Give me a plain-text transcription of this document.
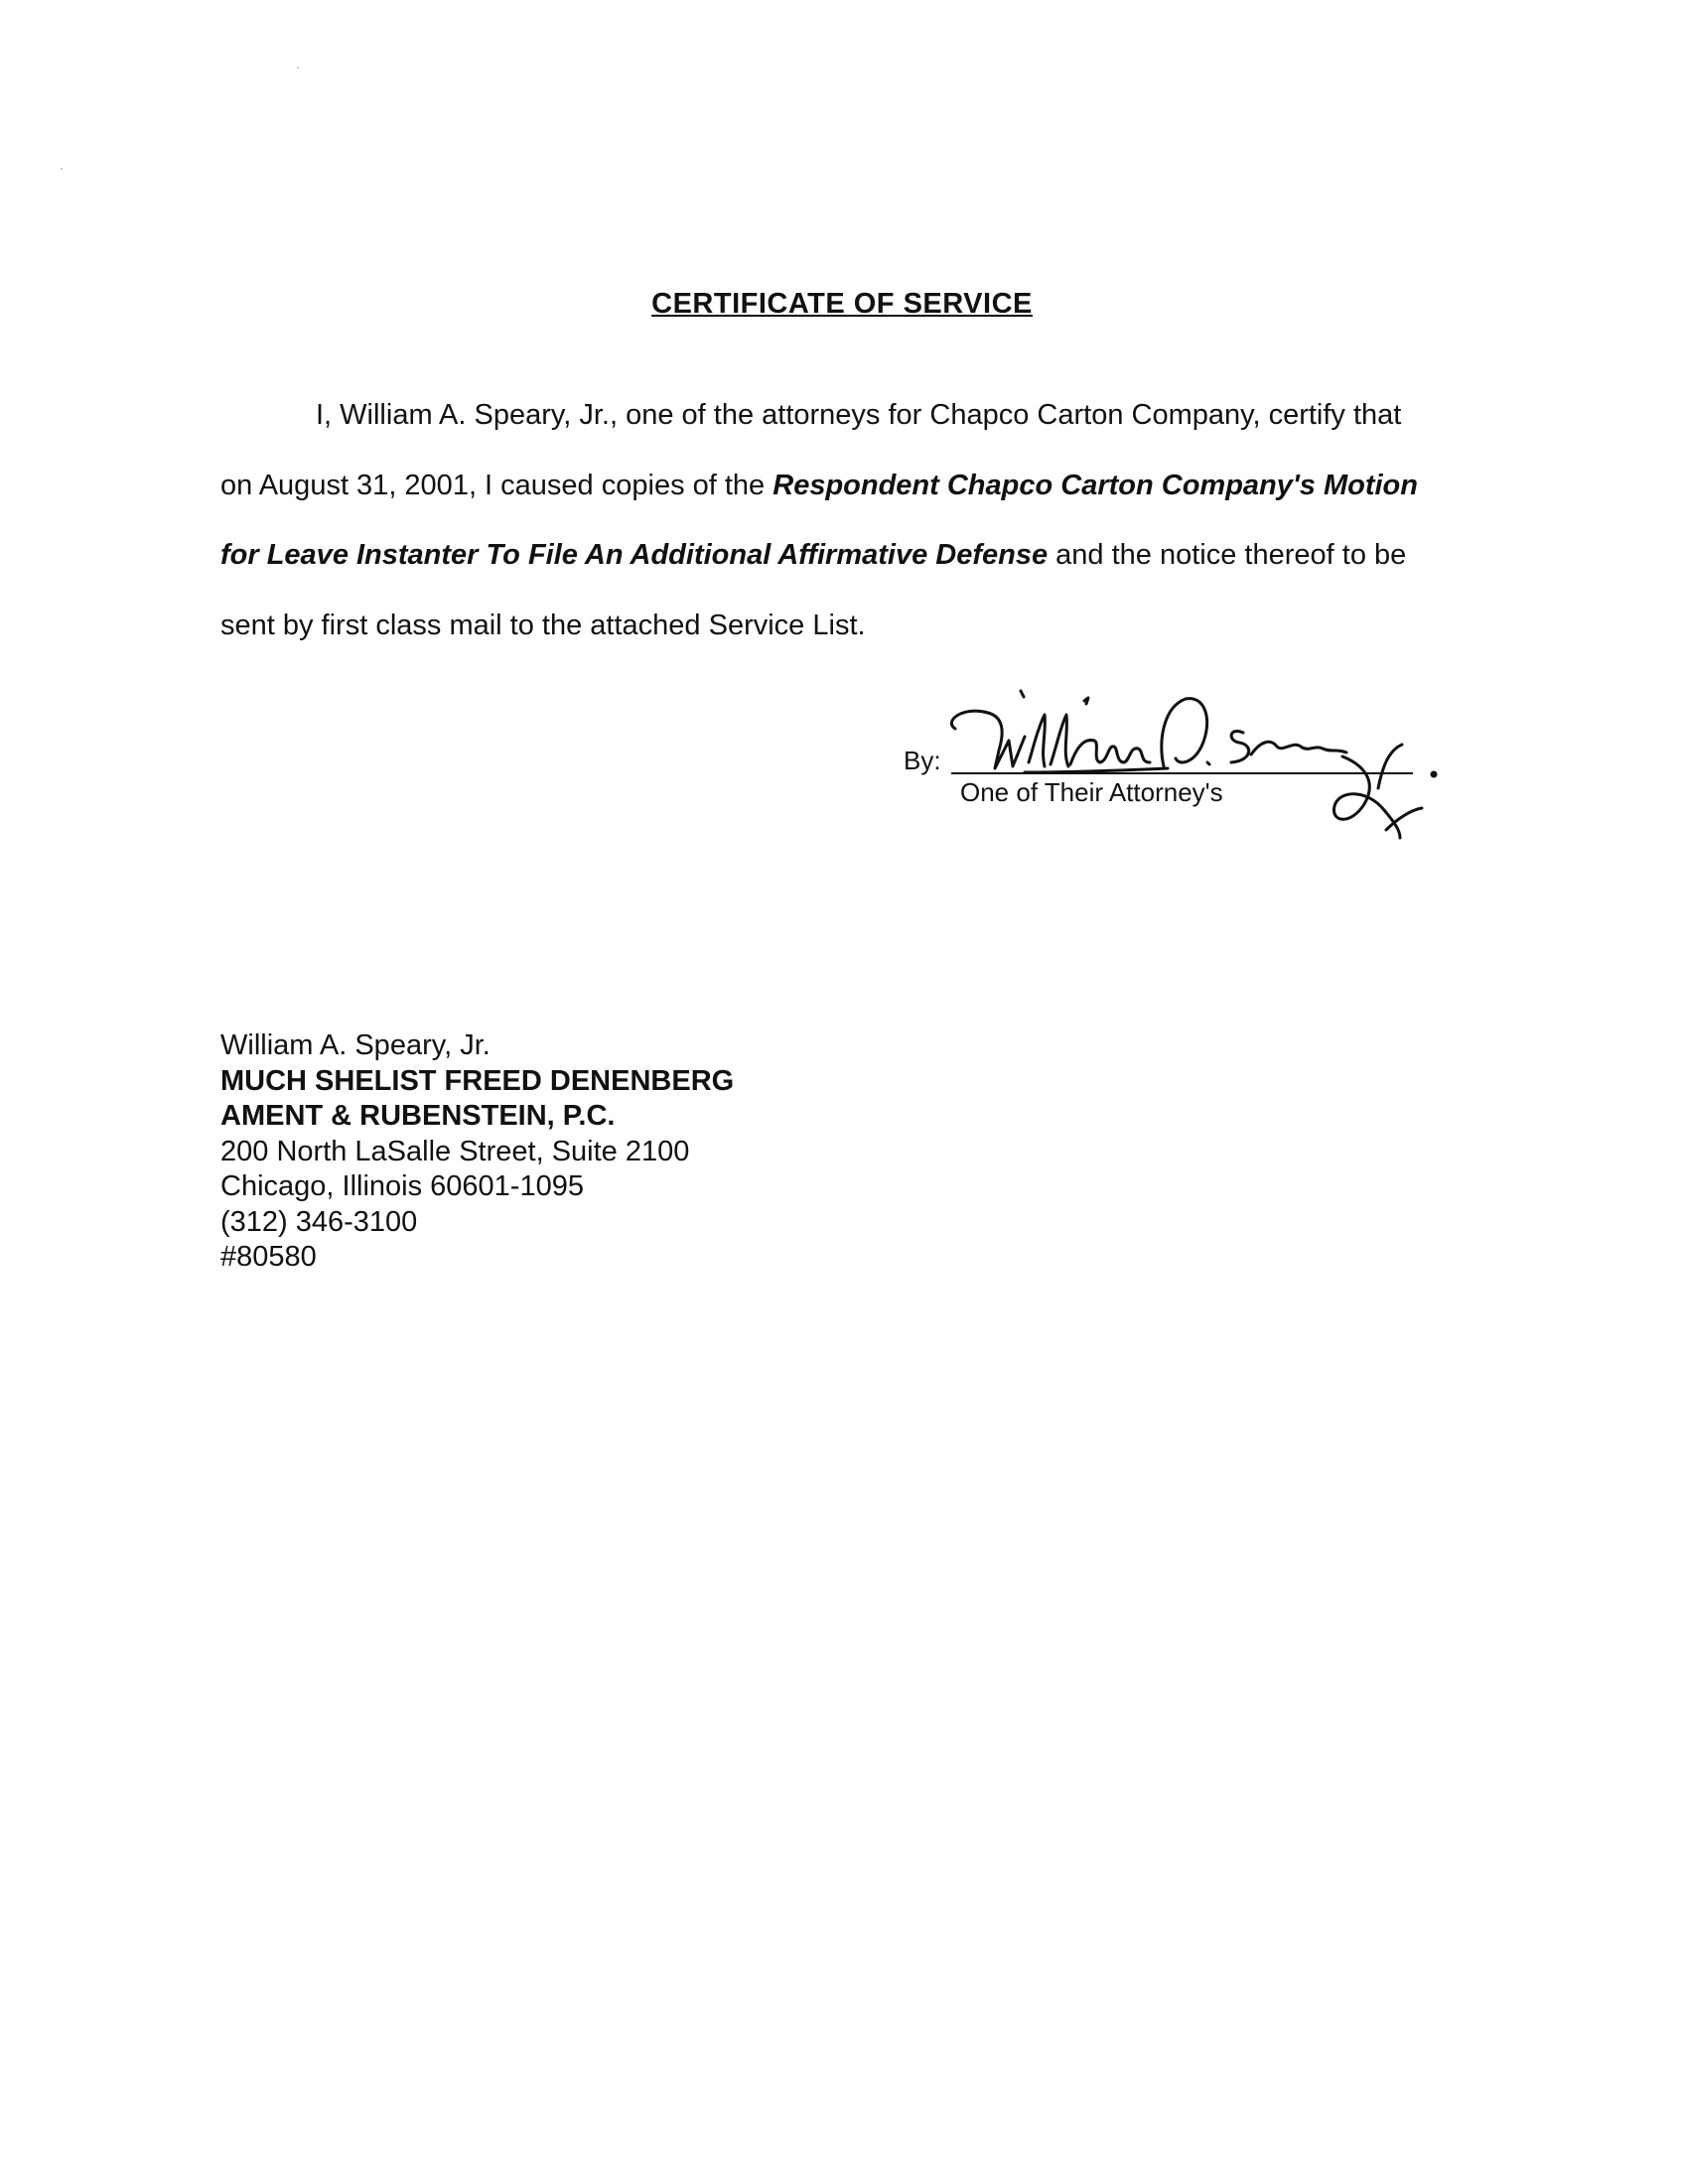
CERTIFICATE OF SERVICE
I, William A. Speary, Jr., one of the attorneys for Chapco Carton Company, certify that
on August 31, 2001, I caused copies of the Respondent Chapco Carton Company's Motion
for Leave Instanter To File An Additional Affirmative Defense and the notice thereof to be
sent by first class mail to the attached Service List.
By:
One of Their Attorney's
William A. Speary, Jr.
MUCH SHELIST FREED DENENBERG
AMENT & RUBENSTEIN, P.C.
200 North LaSalle Street, Suite 2100
Chicago, Illinois 60601-1095
(312) 346-3100
#80580
